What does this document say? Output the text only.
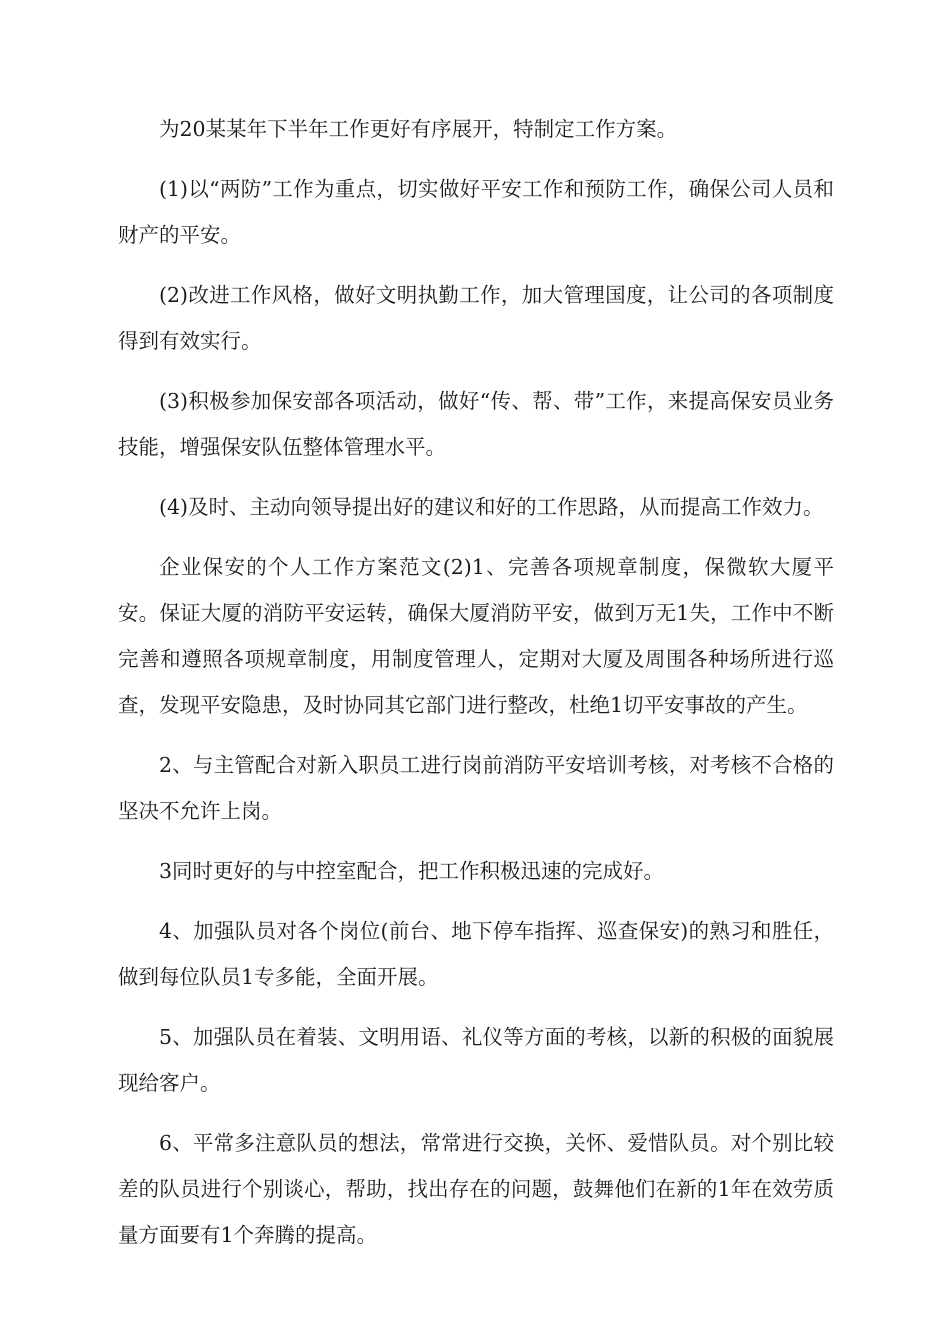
为20某某年下半年工作更好有序展开，特制定工作方案。

(1)以“两防”工作为重点，切实做好平安工作和预防工作，确保公司人员和财产的平安。

(2)改进工作风格，做好文明执勤工作，加大管理国度，让公司的各项制度得到有效实行。

(3)积极参加保安部各项活动，做好“传、帮、带”工作，来提高保安员业务技能，增强保安队伍整体管理水平。

(4)及时、主动向领导提出好的建议和好的工作思路，从而提高工作效力。

企业保安的个人工作方案范文(2)1、完善各项规章制度，保微软大厦平安。保证大厦的消防平安运转，确保大厦消防平安，做到万无1失，工作中不断完善和遵照各项规章制度，用制度管理人，定期对大厦及周围各种场所进行巡查，发现平安隐患，及时协同其它部门进行整改，杜绝1切平安事故的产生。

2、与主管配合对新入职员工进行岗前消防平安培训考核，对考核不合格的坚决不允许上岗。

3同时更好的与中控室配合，把工作积极迅速的完成好。

4、加强队员对各个岗位(前台、地下停车指挥、巡查保安)的熟习和胜任，做到每位队员1专多能，全面开展。

5、加强队员在着装、文明用语、礼仪等方面的考核，以新的积极的面貌展现给客户。

6、平常多注意队员的想法，常常进行交换，关怀、爱惜队员。对个别比较差的队员进行个别谈心，帮助，找出存在的问题，鼓舞他们在新的1年在效劳质量方面要有1个奔腾的提高。
